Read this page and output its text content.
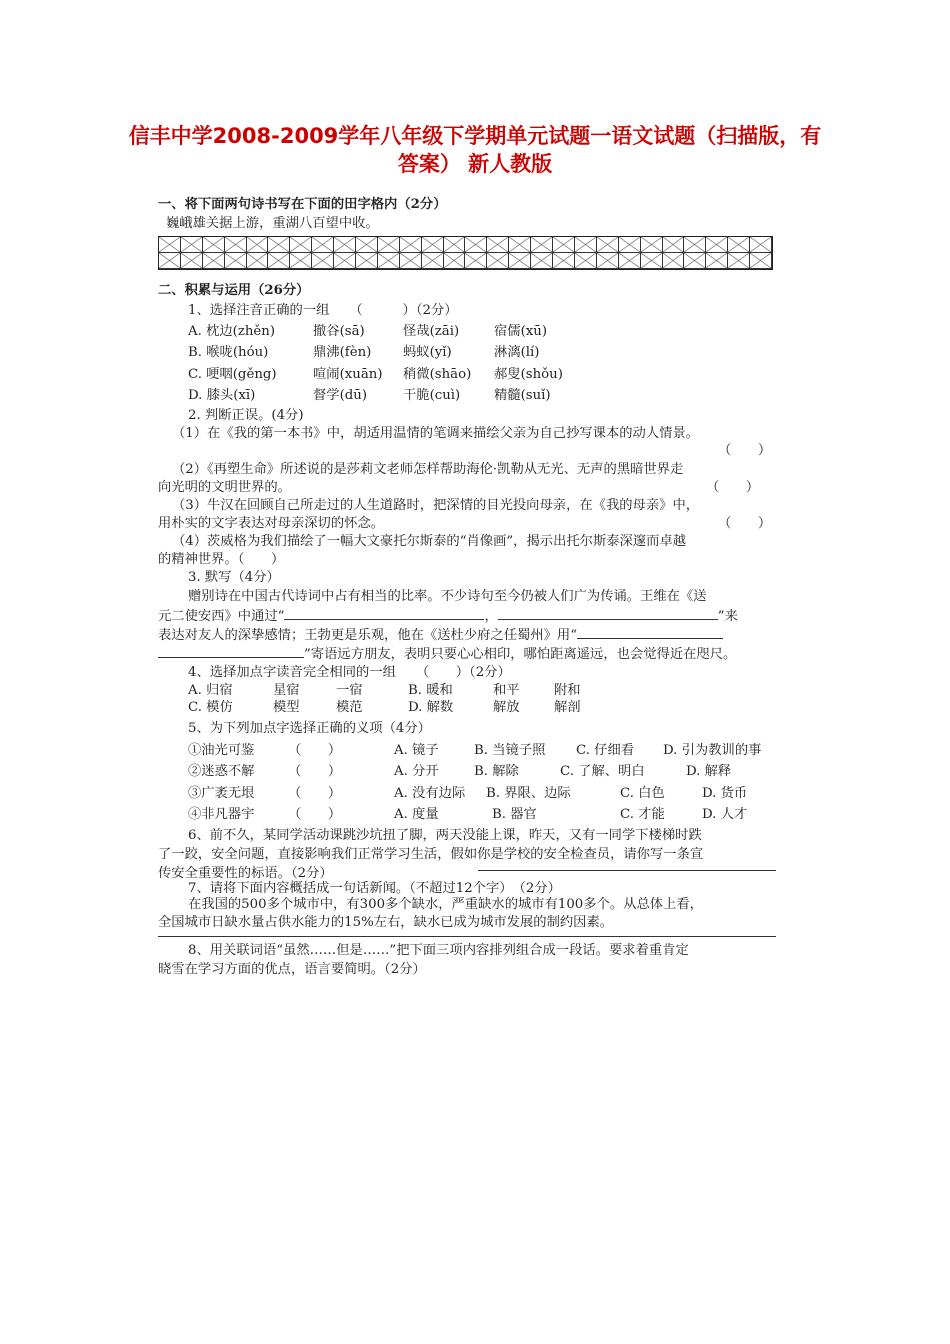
信丰中学2008-2009学年八年级下学期单元试题一语文试题（扫描版，有答案） 新人教版
一、将下面两句诗书写在下面的田字格内（2分）
巍峨雄关据上游，重湖八百望中收。
二、积累与运用（26分）
1、选择注音正确的一组　　（　　　）（2分）
A. 枕边(zhěn)	撤谷(sā)	怪哉(zāi)	宿儒(xū)
B. 喉咙(hóu)	鼎沸(fèn) 蚂蚁(yǐ)	淋漓(lí)
C. 哽咽(gěng)	喧闹(xuān) 稍微(shāo) 郝叟(shǒu)
D. 膝头(xī)	督学(dū)	干脆(cuì)	精髓(suǐ)
2. 判断正误。(4分)
（1）在《我的第一本书》中，胡适用温情的笔调来描绘父亲为自己抄写课本的动人情景。
（　　）
（2）《再塑生命》所述说的是莎莉文老师怎样帮助海伦·凯勒从无光、无声的黑暗世界走
向光明的文明世界的。	（　　）
（3）牛汉在回顾自己所走过的人生道路时，把深情的目光投向母亲，在《我的母亲》中，
用朴实的文字表达对母亲深切的怀念。	（　　）
（4）茨威格为我们描绘了一幅大文豪托尔斯泰的“肖像画”，揭示出托尔斯泰深邃而卓越
的精神世界。（　　）
3. 默写（4分）
赠别诗在中国古代诗词中占有相当的比率。不少诗句至今仍被人们广为传诵。王维在《送
元二使安西》中通过“	，	”来
表达对友人的深挚感情；王勃更是乐观，他在《送杜少府之任蜀州》用“
”寄语远方朋友，表明只要心心相印，哪怕距离遥远，也会觉得近在咫尺。
4、选择加点字读音完全相同的一组　　（　　）（2分）
A. 归宿	星宿	一宿	B. 暖和	和平	附和
C. 模仿	模型	模范	D. 解数	解放	解剖
5、为下列加点字选择正确的义项（4分）
①油光可鉴	（　　）	A. 镜子	B. 当镜子照 C. 仔细看 D. 引为教训的事
②迷惑不解	（　　）	A. 分开	B. 解除	C. 了解、明白	D. 解释
③广袤无垠	（　　）	A. 没有边际 B. 界限、边际	C. 白色	D. 货币
④非凡器宇	（　　）	A. 度量	B. 器官	C. 才能	D. 人才
6、前不久，某同学活动课跳沙坑扭了脚，两天没能上课，昨天，又有一同学下楼梯时跌
了一跤，安全问题，直接影响我们正常学习生活，假如你是学校的安全检查员，请你写一条宣
传安全重要性的标语。（2分）
7、请将下面内容概括成一句话新闻。（不超过12个字）　（2分）
在我国的500多个城市中，有300多个缺水，严重缺水的城市有100多个。从总体上看，
全国城市日缺水量占供水能力的15%左右，缺水已成为城市发展的制约因素。
8、用关联词语“虽然……但是……”把下面三项内容排列组合成一段话。要求着重肯定
晓雪在学习方面的优点，语言要简明。（2分）
